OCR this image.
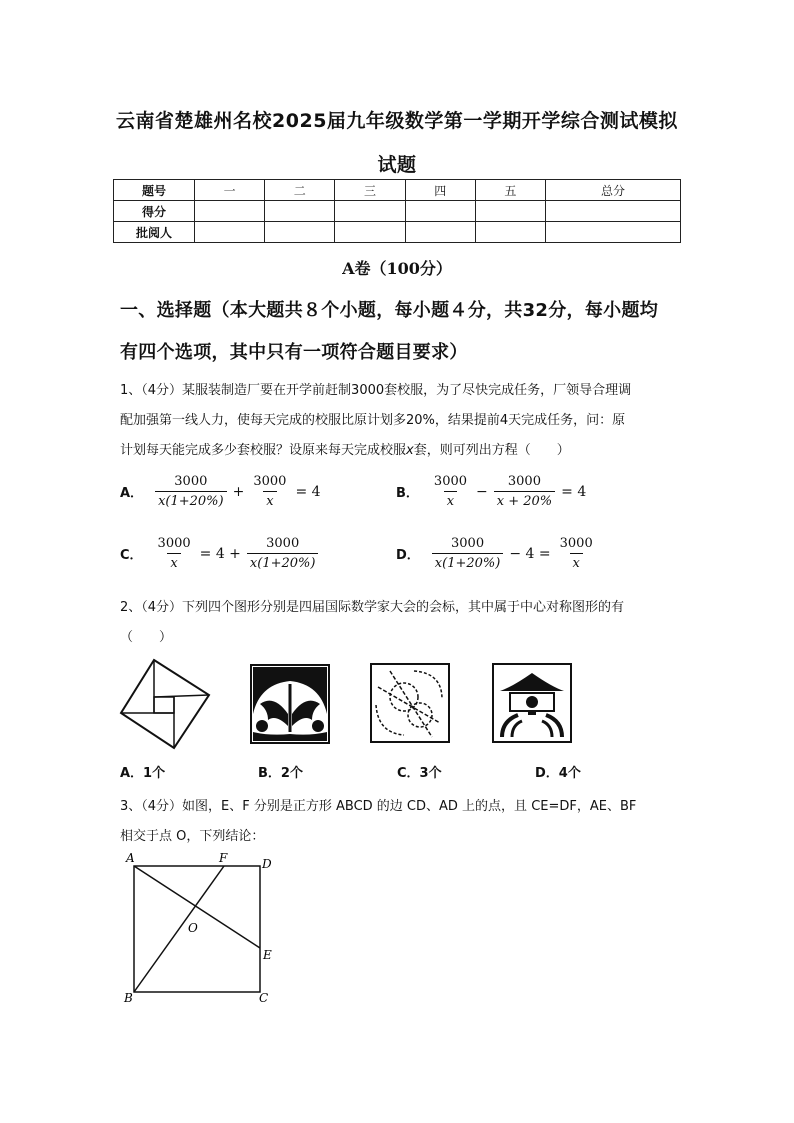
云南省楚雄州名校2025届九年级数学第一学期开学综合测试模拟
试题
题号	一	二	三	四	五	总分
得分						
批阅人						
A卷（100分）
一、选择题（本大题共８个小题，每小题４分，共32分，每小题均
有四个选项，其中只有一项符合题目要求）
1、（4分）某服装制造厂要在开学前赶制3000套校服，为了尽快完成任务，厂领导合理调
配加强第一线人力，使每天完成的校服比原计划多20%，结果提前4天完成任务，问：原
计划每天能完成多少套校服？设原来每天完成校服x套，则可列出方程（　　）
A． $\frac{3000}{x(1+20\%)} + \frac{3000}{x} = 4$	B． $\frac{3000}{x} - \frac{3000}{x + 20\%} = 4$
C． $\frac{3000}{x} = 4 + \frac{3000}{x(1+20\%)}$	D． $\frac{3000}{x(1+20\%)} - 4 = \frac{3000}{x}$
2、（4分）下列四个图形分别是四届国际数学家大会的会标，其中属于中心对称图形的有
（　　）
A．1个	B．2个	C．3个	D．4个
3、（4分）如图，E、F 分别是正方形 ABCD 的边 CD、AD 上的点，且 CE=DF，AE、BF
相交于点 O，下列结论：
A	F	D
O
E
B	C
